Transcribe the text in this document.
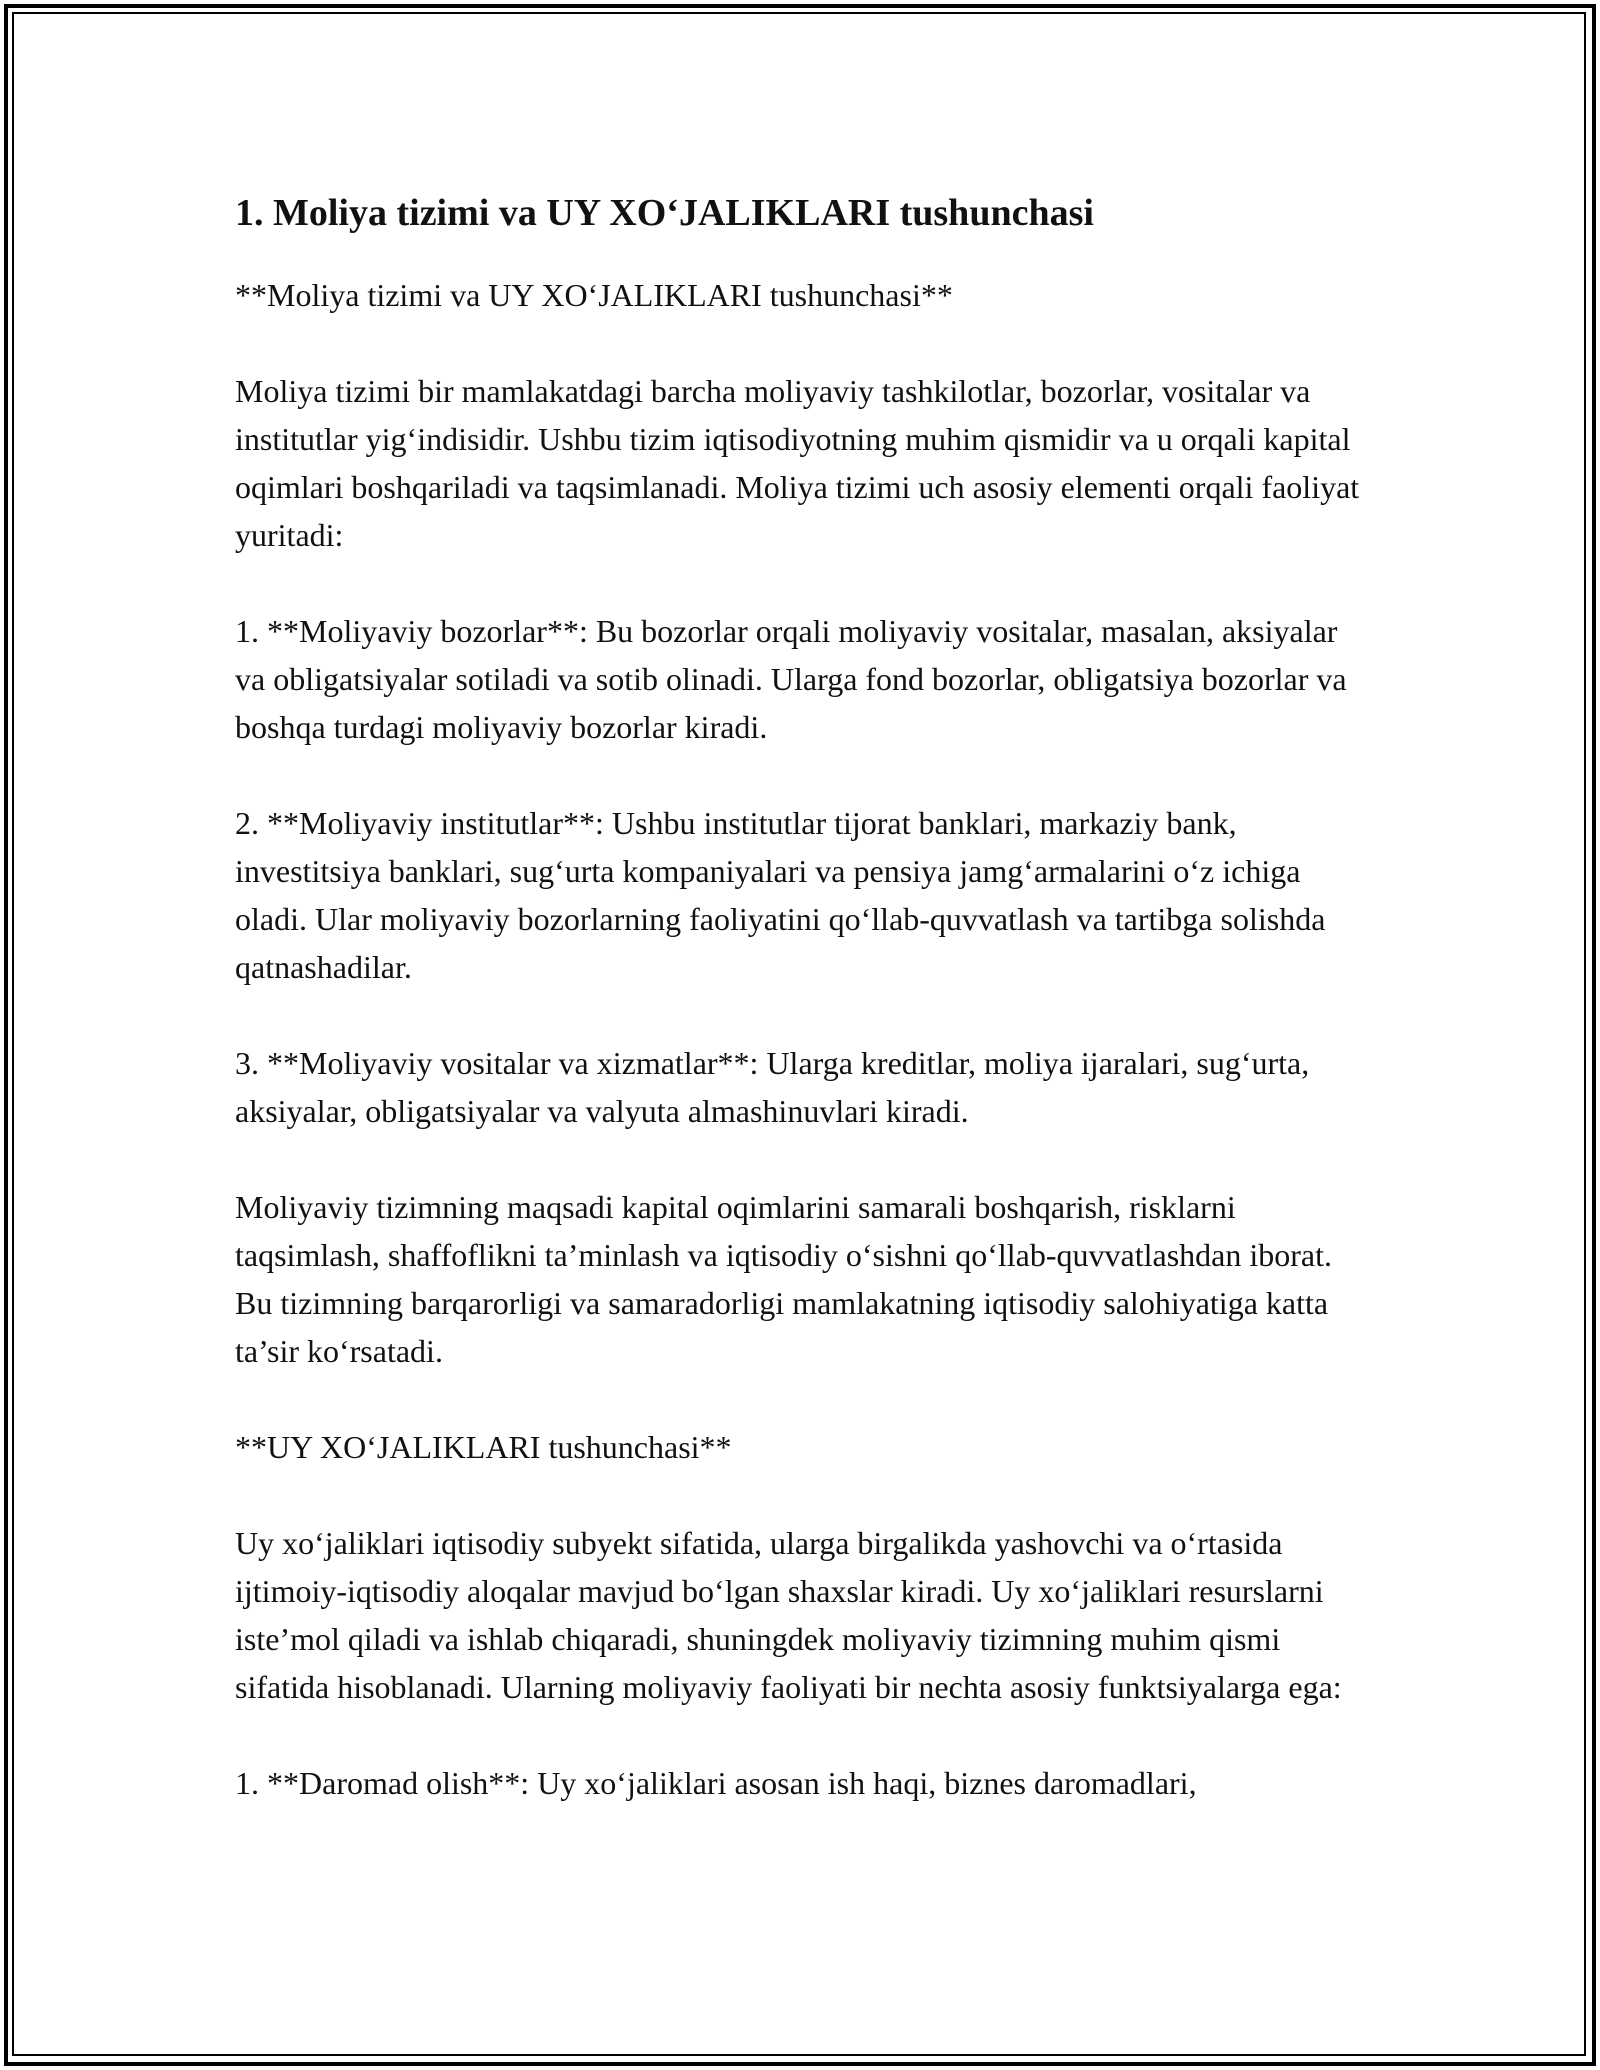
1. Moliya tizimi va UY XO‘JALIKLARI tushunchasi

**Moliya tizimi va UY XO‘JALIKLARI tushunchasi**

Moliya tizimi bir mamlakatdagi barcha moliyaviy tashkilotlar, bozorlar, vositalar va institutlar yig‘indisidir. Ushbu tizim iqtisodiyotning muhim qismidir va u orqali kapital oqimlari boshqariladi va taqsimlanadi. Moliya tizimi uch asosiy elementi orqali faoliyat yuritadi:

1. **Moliyaviy bozorlar**: Bu bozorlar orqali moliyaviy vositalar, masalan, aksiyalar va obligatsiyalar sotiladi va sotib olinadi. Ularga fond bozorlar, obligatsiya bozorlar va boshqa turdagi moliyaviy bozorlar kiradi.

2. **Moliyaviy institutlar**: Ushbu institutlar tijorat banklari, markaziy bank, investitsiya banklari, sug‘urta kompaniyalari va pensiya jamg‘armalarini o‘z ichiga oladi. Ular moliyaviy bozorlarning faoliyatini qo‘llab-quvvatlash va tartibga solishda qatnashadilar.

3. **Moliyaviy vositalar va xizmatlar**: Ularga kreditlar, moliya ijaralari, sug‘urta, aksiyalar, obligatsiyalar va valyuta almashinuvlari kiradi.

Moliyaviy tizimning maqsadi kapital oqimlarini samarali boshqarish, risklarni taqsimlash, shaffoflikni ta’minlash va iqtisodiy o‘sishni qo‘llab-quvvatlashdan iborat. Bu tizimning barqarorligi va samaradorligi mamlakatning iqtisodiy salohiyatiga katta ta’sir ko‘rsatadi.

**UY XO‘JALIKLARI tushunchasi**

Uy xo‘jaliklari iqtisodiy subyekt sifatida, ularga birgalikda yashovchi va o‘rtasida ijtimoiy-iqtisodiy aloqalar mavjud bo‘lgan shaxslar kiradi. Uy xo‘jaliklari resurslarni iste’mol qiladi va ishlab chiqaradi, shuningdek moliyaviy tizimning muhim qismi sifatida hisoblanadi. Ularning moliyaviy faoliyati bir nechta asosiy funktsiyalarga ega:

1. **Daromad olish**: Uy xo‘jaliklari asosan ish haqi, biznes daromadlari,
